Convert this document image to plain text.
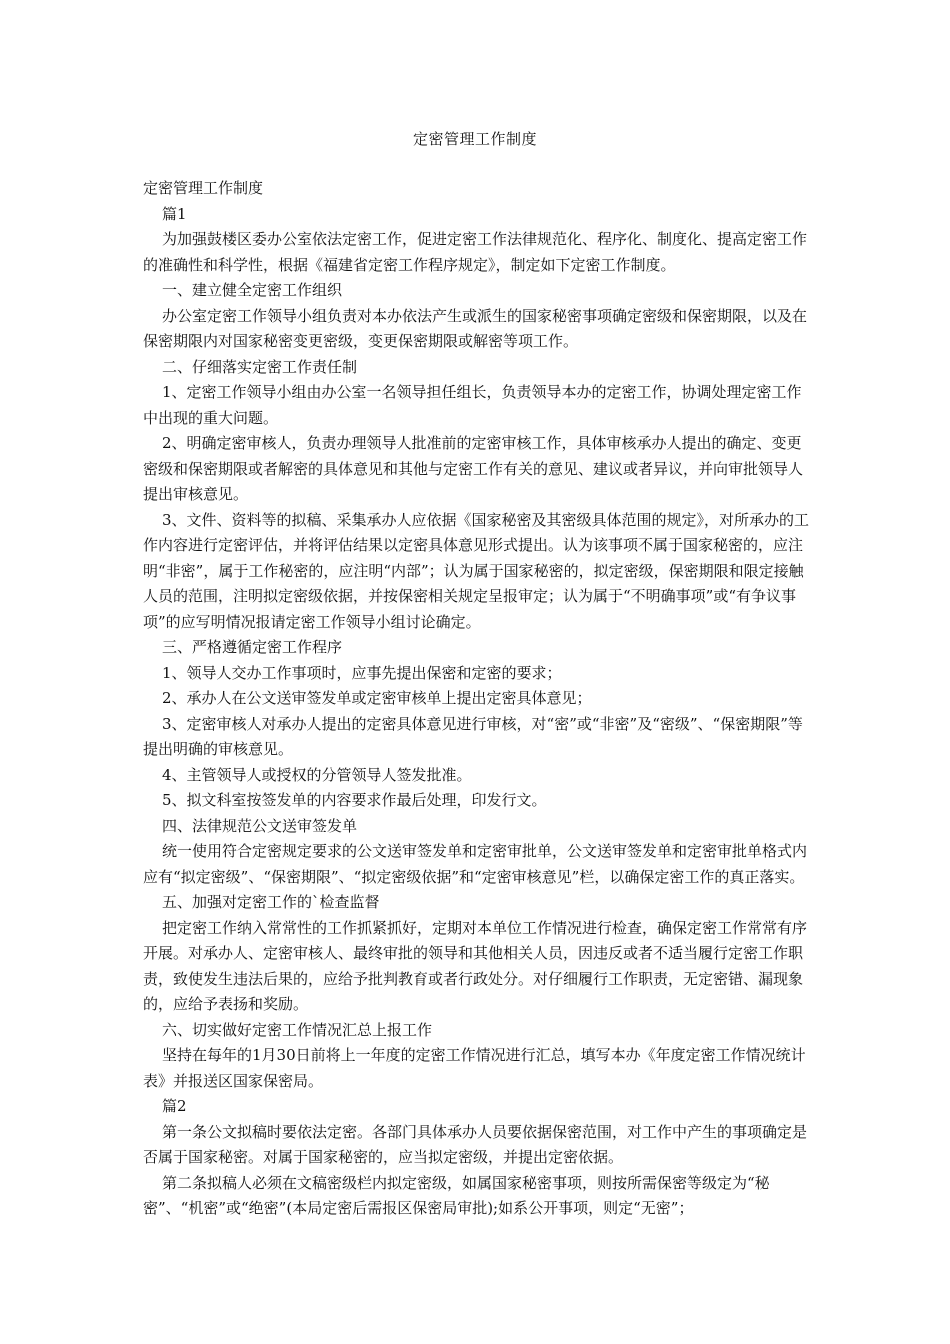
定密管理工作制度
定密管理工作制度
篇1
为加强鼓楼区委办公室依法定密工作，促进定密工作法律规范化、程序化、制度化、提高定密工作的准确性和科学性，根据《福建省定密工作程序规定》，制定如下定密工作制度。
一、建立健全定密工作组织
办公室定密工作领导小组负责对本办依法产生或派生的国家秘密事项确定密级和保密期限，以及在保密期限内对国家秘密变更密级，变更保密期限或解密等项工作。
二、仔细落实定密工作责任制
1、定密工作领导小组由办公室一名领导担任组长，负责领导本办的定密工作，协调处理定密工作中出现的重大问题。
2、明确定密审核人，负责办理领导人批准前的定密审核工作，具体审核承办人提出的确定、变更密级和保密期限或者解密的具体意见和其他与定密工作有关的意见、建议或者异议，并向审批领导人提出审核意见。
3、文件、资料等的拟稿、采集承办人应依据《国家秘密及其密级具体范围的规定》，对所承办的工作内容进行定密评估，并将评估结果以定密具体意见形式提出。认为该事项不属于国家秘密的，应注明“非密”，属于工作秘密的，应注明“内部”；认为属于国家秘密的，拟定密级，保密期限和限定接触人员的范围，注明拟定密级依据，并按保密相关规定呈报审定；认为属于“不明确事项”或“有争议事项”的应写明情况报请定密工作领导小组讨论确定。
三、严格遵循定密工作程序
1、领导人交办工作事项时，应事先提出保密和定密的要求；
2、承办人在公文送审签发单或定密审核单上提出定密具体意见；
3、定密审核人对承办人提出的定密具体意见进行审核，对“密”或“非密”及“密级”、“保密期限”等提出明确的审核意见。
4、主管领导人或授权的分管领导人签发批准。
5、拟文科室按签发单的内容要求作最后处理，印发行文。
四、法律规范公文送审签发单
统一使用符合定密规定要求的公文送审签发单和定密审批单，公文送审签发单和定密审批单格式内应有“拟定密级”、“保密期限”、“拟定密级依据”和“定密审核意见”栏，以确保定密工作的真正落实。
五、加强对定密工作的`检查监督
把定密工作纳入常常性的工作抓紧抓好，定期对本单位工作情况进行检查，确保定密工作常常有序开展。对承办人、定密审核人、最终审批的领导和其他相关人员，因违反或者不适当履行定密工作职责，致使发生违法后果的，应给予批判教育或者行政处分。对仔细履行工作职责，无定密错、漏现象的，应给予表扬和奖励。
六、切实做好定密工作情况汇总上报工作
坚持在每年的1月30日前将上一年度的定密工作情况进行汇总，填写本办《年度定密工作情况统计表》并报送区国家保密局。
篇2
第一条公文拟稿时要依法定密。各部门具体承办人员要依据保密范围，对工作中产生的事项确定是否属于国家秘密。对属于国家秘密的，应当拟定密级，并提出定密依据。
第二条拟稿人必须在文稿密级栏内拟定密级，如属国家秘密事项，则按所需保密等级定为“秘密”、“机密”或“绝密”(本局定密后需报区保密局审批);如系公开事项，则定“无密”；
